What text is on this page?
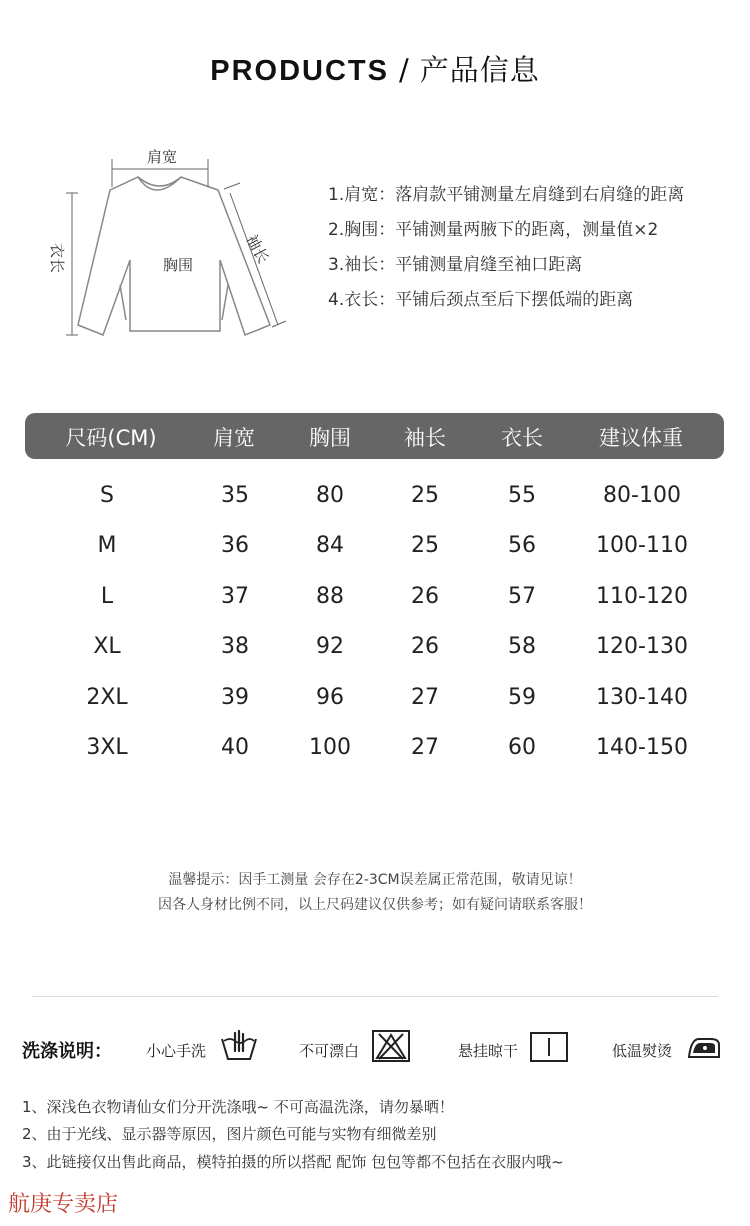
PRODUCTS / 产品信息
肩宽
胸围	袖长
衣长
1.肩宽：落肩款平铺测量左肩缝到右肩缝的距离
2.胸围：平铺测量两腋下的距离，测量值×2
3.袖长：平铺测量肩缝至袖口距离
4.衣长：平铺后颈点至后下摆低端的距离
尺码(CM)	肩宽	胸围	袖长	衣长	建议体重
S	35	80	25	55	80-100
M	36	84	25	56	100-110
L	37	88	26	57	110-120
XL	38	92	26	58	120-130
2XL	39	96	27	59	130-140
3XL	40	100	27	60	140-150
温馨提示：因手工测量 会存在2-3CM误差属正常范围，敬请见谅！
因各人身材比例不同，以上尺码建议仅供参考；如有疑问请联系客服！
洗涤说明： 小心手洗	不可漂白	悬挂晾干	低温熨烫
1、深浅色衣物请仙女们分开洗涤哦~ 不可高温洗涤，请勿暴晒！
2、由于光线、显示器等原因，图片颜色可能与实物有细微差别
3、此链接仅出售此商品，模特拍摄的所以搭配 配饰 包包等都不包括在衣服内哦~
航庚专卖店
